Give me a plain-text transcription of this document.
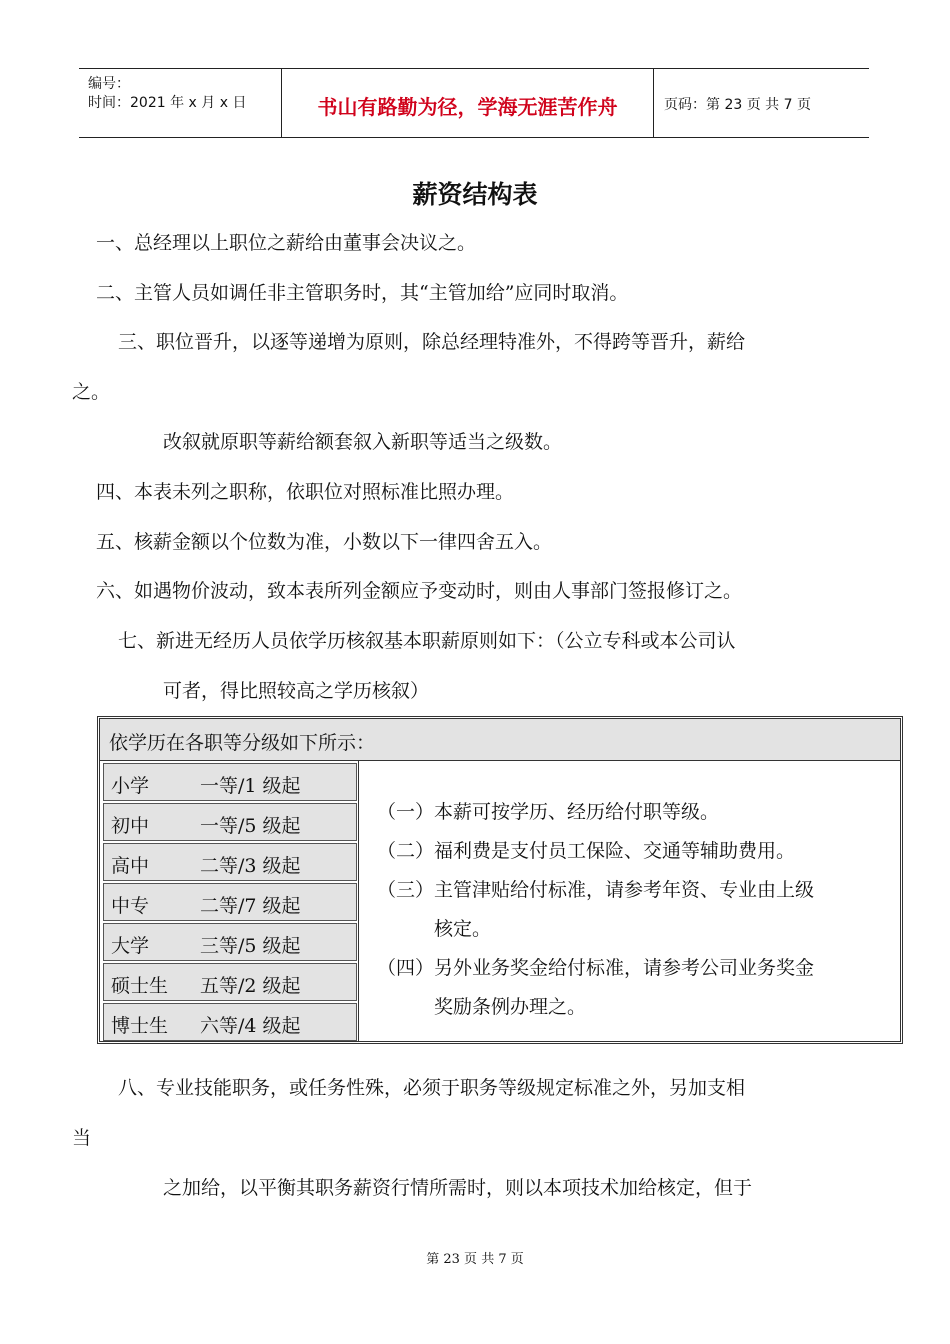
编号：
时间：2021 年 x 月 x 日	书山有路勤为径，学海无涯苦作舟	页码：第 23 页 共 7 页
薪资结构表
一、总经理以上职位之薪给由董事会决议之。
二、主管人员如调任非主管职务时，其“主管加给”应同时取消。
三、职位晋升，以逐等递增为原则，除总经理特准外，不得跨等晋升，薪给
之。
改叙就原职等薪给额套叙入新职等适当之级数。
四、本表未列之职称，依职位对照标准比照办理。
五、核薪金额以个位数为准，小数以下一律四舍五入。
六、如遇物价波动，致本表所列金额应予变动时，则由人事部门签报修订之。
七、新进无经历人员依学历核叙基本职薪原则如下：（公立专科或本公司认
可者，得比照较高之学历核叙）
依学历在各职等分级如下所示：
小学	一等/1 级起
初中	一等/5 级起
高中	二等/3 级起
中专	二等/7 级起
大学	三等/5 级起
硕士生 五等/2 级起
博士生 六等/4 级起
（一）本薪可按学历、经历给付职等级。
（二）福利费是支付员工保险、交通等辅助费用。
（三）主管津贴给付标准，请参考年资、专业由上级
　　　核定。
（四）另外业务奖金给付标准，请参考公司业务奖金
　　　奖励条例办理之。
八、专业技能职务，或任务性殊，必须于职务等级规定标准之外，另加支相
当
之加给，以平衡其职务薪资行情所需时，则以本项技术加给核定，但于
第 23 页 共 7 页
